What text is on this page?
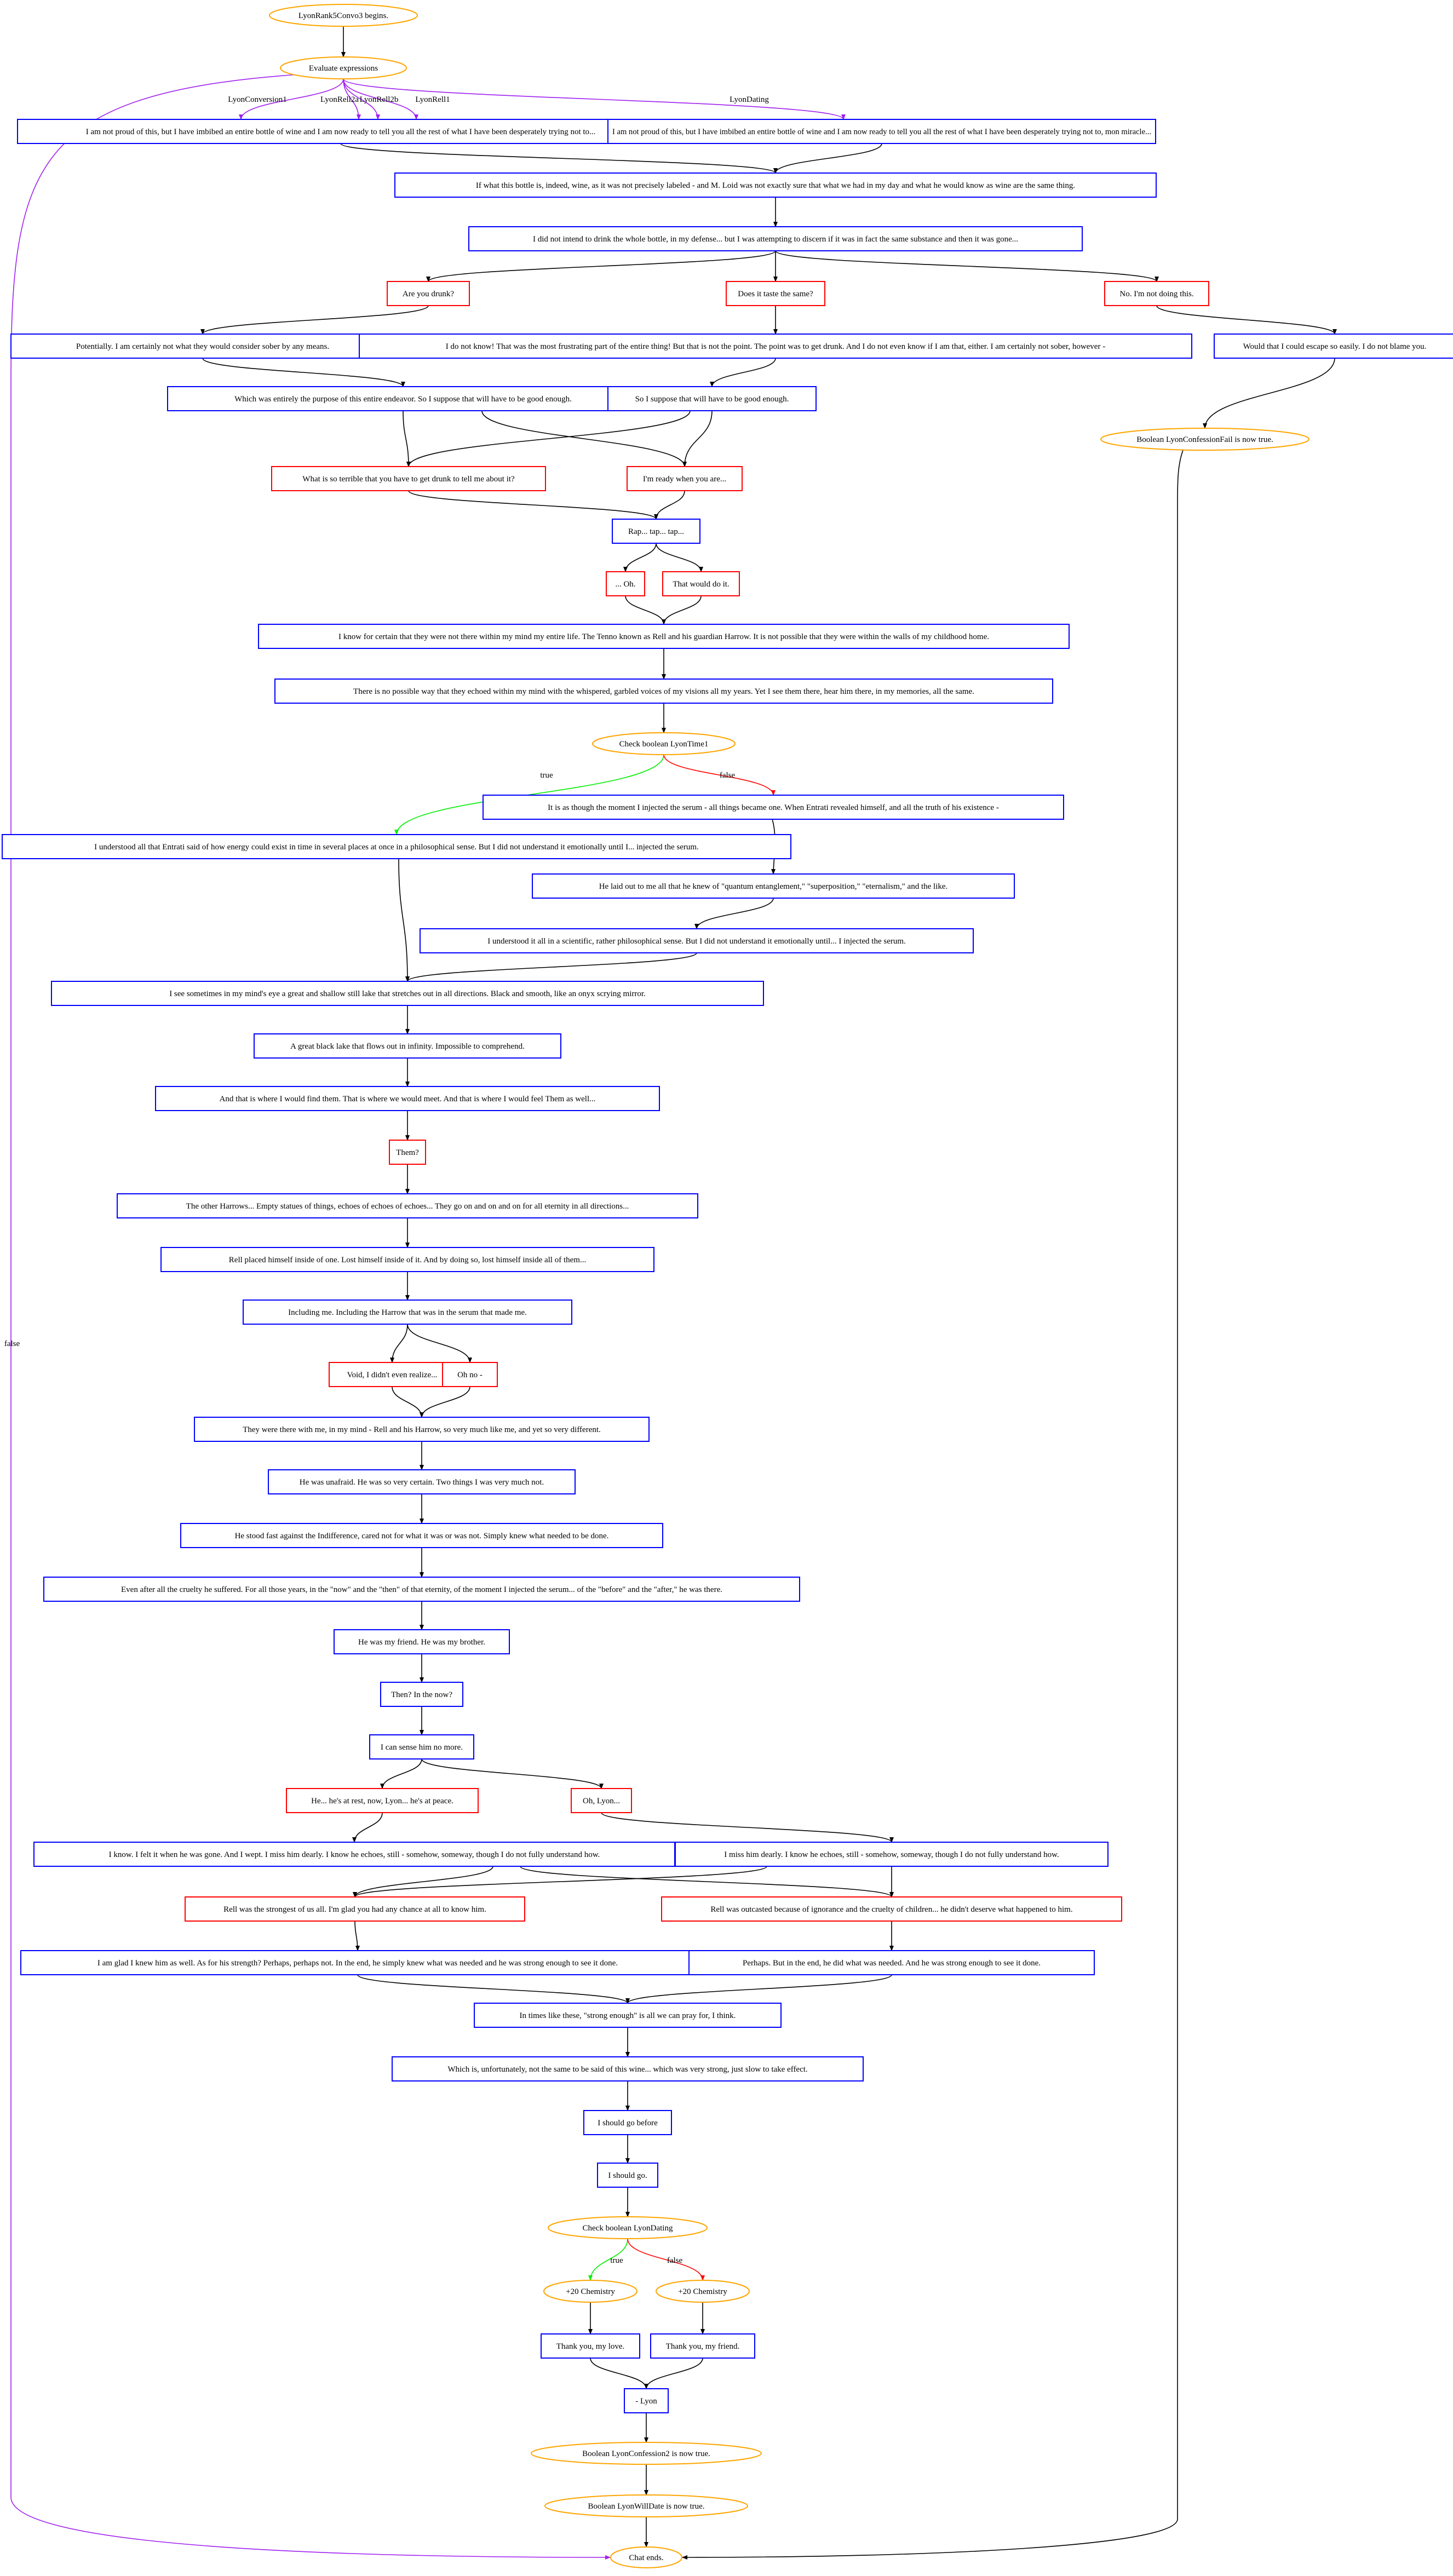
LyonConversion1	LyonRell2a LyonRell2b LyonRell1	LyonDating
false
true	false
true	false
LyonRank5Convo3 begins.
Evaluate expressions
I am not proud of this, but I have imbibed an entire bottle of wine and I am now ready to tell you all the rest of what I have been desperately trying not to... I am not proud of this, but I have imbibed an entire bottle of wine and I am now ready to tell you all the rest of what I have been desperately trying not to, mon miracle...
If what this bottle is, indeed, wine, as it was not precisely labeled - and M. Loid was not exactly sure that what we had in my day and what he would know as wine are the same thing.
I did not intend to drink the whole bottle, in my defense... but I was attempting to discern if it was in fact the same substance and then it was gone...
Are you drunk?	Does it taste the same?	No. I'm not doing this.
Potentially. I am certainly not what they would consider sober by any means.	I do not know! That was the most frustrating part of the entire thing! But that is not the point. The point was to get drunk. And I do not even know if I am that, either. I am certainly not sober, however -	Would that I could escape so easily. I do not blame you.
Which was entirely the purpose of this entire endeavor. So I suppose that will have to be good enough.	So I suppose that will have to be good enough.
Boolean LyonConfessionFail is now true.
What is so terrible that you have to get drunk to tell me about it?	I'm ready when you are...
Rap... tap... tap...
... Oh.	That would do it.
I know for certain that they were not there within my mind my entire life. The Tenno known as Rell and his guardian Harrow. It is not possible that they were within the walls of my childhood home.
There is no possible way that they echoed within my mind with the whispered, garbled voices of my visions all my years. Yet I see them there, hear him there, in my memories, all the same.
Check boolean LyonTime1
It is as though the moment I injected the serum - all things became one. When Entrati revealed himself, and all the truth of his existence -
I understood all that Entrati said of how energy could exist in time in several places at once in a philosophical sense. But I did not understand it emotionally until I... injected the serum.
He laid out to me all that he knew of "quantum entanglement," "superposition," "eternalism," and the like.
I understood it all in a scientific, rather philosophical sense. But I did not understand it emotionally until... I injected the serum.
I see sometimes in my mind's eye a great and shallow still lake that stretches out in all directions. Black and smooth, like an onyx scrying mirror.
A great black lake that flows out in infinity. Impossible to comprehend.
And that is where I would find them. That is where we would meet. And that is where I would feel Them as well...
Them?
The other Harrows... Empty statues of things, echoes of echoes of echoes... They go on and on and on for all eternity in all directions...
Rell placed himself inside of one. Lost himself inside of it. And by doing so, lost himself inside all of them...
Including me. Including the Harrow that was in the serum that made me.
Void, I didn't even realize... Oh no -
They were there with me, in my mind - Rell and his Harrow, so very much like me, and yet so very different.
He was unafraid. He was so very certain. Two things I was very much not.
He stood fast against the Indifference, cared not for what it was or was not. Simply knew what needed to be done.
Even after all the cruelty he suffered. For all those years, in the "now" and the "then" of that eternity, of the moment I injected the serum... of the "before" and the "after," he was there.
He was my friend. He was my brother.
Then? In the now?
I can sense him no more.
He... he's at rest, now, Lyon... he's at peace.	Oh, Lyon...
I know. I felt it when he was gone. And I wept. I miss him dearly. I know he echoes, still - somehow, someway, though I do not fully understand how.	I miss him dearly. I know he echoes, still - somehow, someway, though I do not fully understand how.
Rell was the strongest of us all. I'm glad you had any chance at all to know him.	Rell was outcasted because of ignorance and the cruelty of children... he didn't deserve what happened to him.
I am glad I knew him as well. As for his strength? Perhaps, perhaps not. In the end, he simply knew what was needed and he was strong enough to see it done.	Perhaps. But in the end, he did what was needed. And he was strong enough to see it done.
In times like these, "strong enough" is all we can pray for, I think.
Which is, unfortunately, not the same to be said of this wine... which was very strong, just slow to take effect.
I should go before
I should go.
Check boolean LyonDating
+20 Chemistry	+20 Chemistry
Thank you, my love.	Thank you, my friend.
- Lyon
Boolean LyonConfession2 is now true.
Boolean LyonWillDate is now true.
Chat ends.
